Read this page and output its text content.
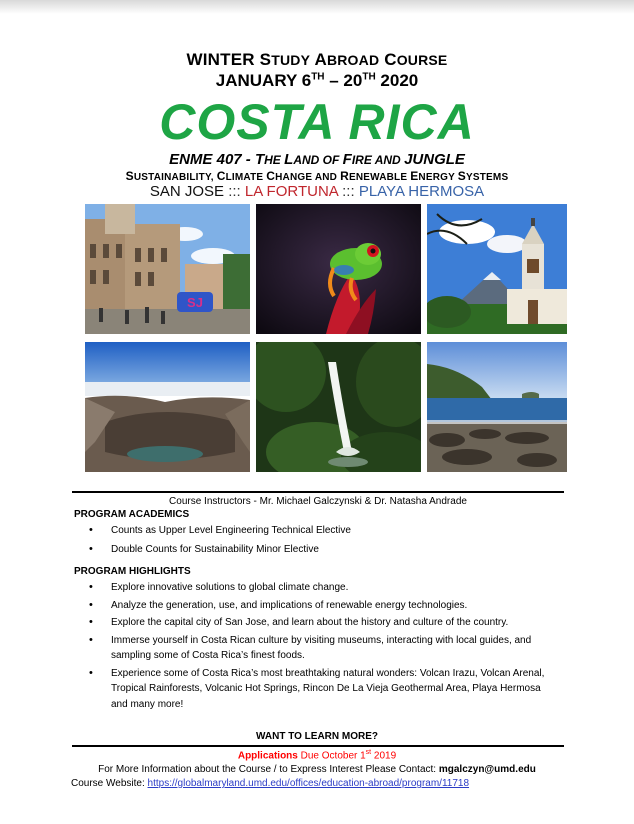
WINTER STUDY ABROAD COURSE
JANUARY 6TH – 20TH 2020
COSTA RICA
ENME 407 - THE LAND OF FIRE AND JUNGLE
SUSTAINABILITY, CLIMATE CHANGE AND RENEWABLE ENERGY SYSTEMS
SAN JOSE ::: LA FORTUNA ::: PLAYA HERMOSA
SJ
Course Instructors - Mr. Michael Galczynski & Dr. Natasha Andrade
PROGRAM ACADEMICS
• Counts as Upper Level Engineering Technical Elective
• Double Counts for Sustainability Minor Elective
PROGRAM HIGHLIGHTS
• Explore innovative solutions to global climate change.
• Analyze the generation, use, and implications of renewable energy technologies.
• Explore the capital city of San Jose, and learn about the history and culture of the country.
• Immerse yourself in Costa Rican culture by visiting museums, interacting with local guides, and sampling some of Costa Rica’s finest foods.
• Experience some of Costa Rica’s most breathtaking natural wonders: Volcan Irazu, Volcan Arenal, Tropical Rainforests, Volcanic Hot Springs, Rincon De La Vieja Geothermal Area, Playa Hermosa and many more!
WANT TO LEARN MORE?
Applications Due October 1st 2019
For More Information about the Course / to Express Interest Please Contact: mgalczyn@umd.edu
Course Website: https://globalmaryland.umd.edu/offices/education-abroad/program/11718
